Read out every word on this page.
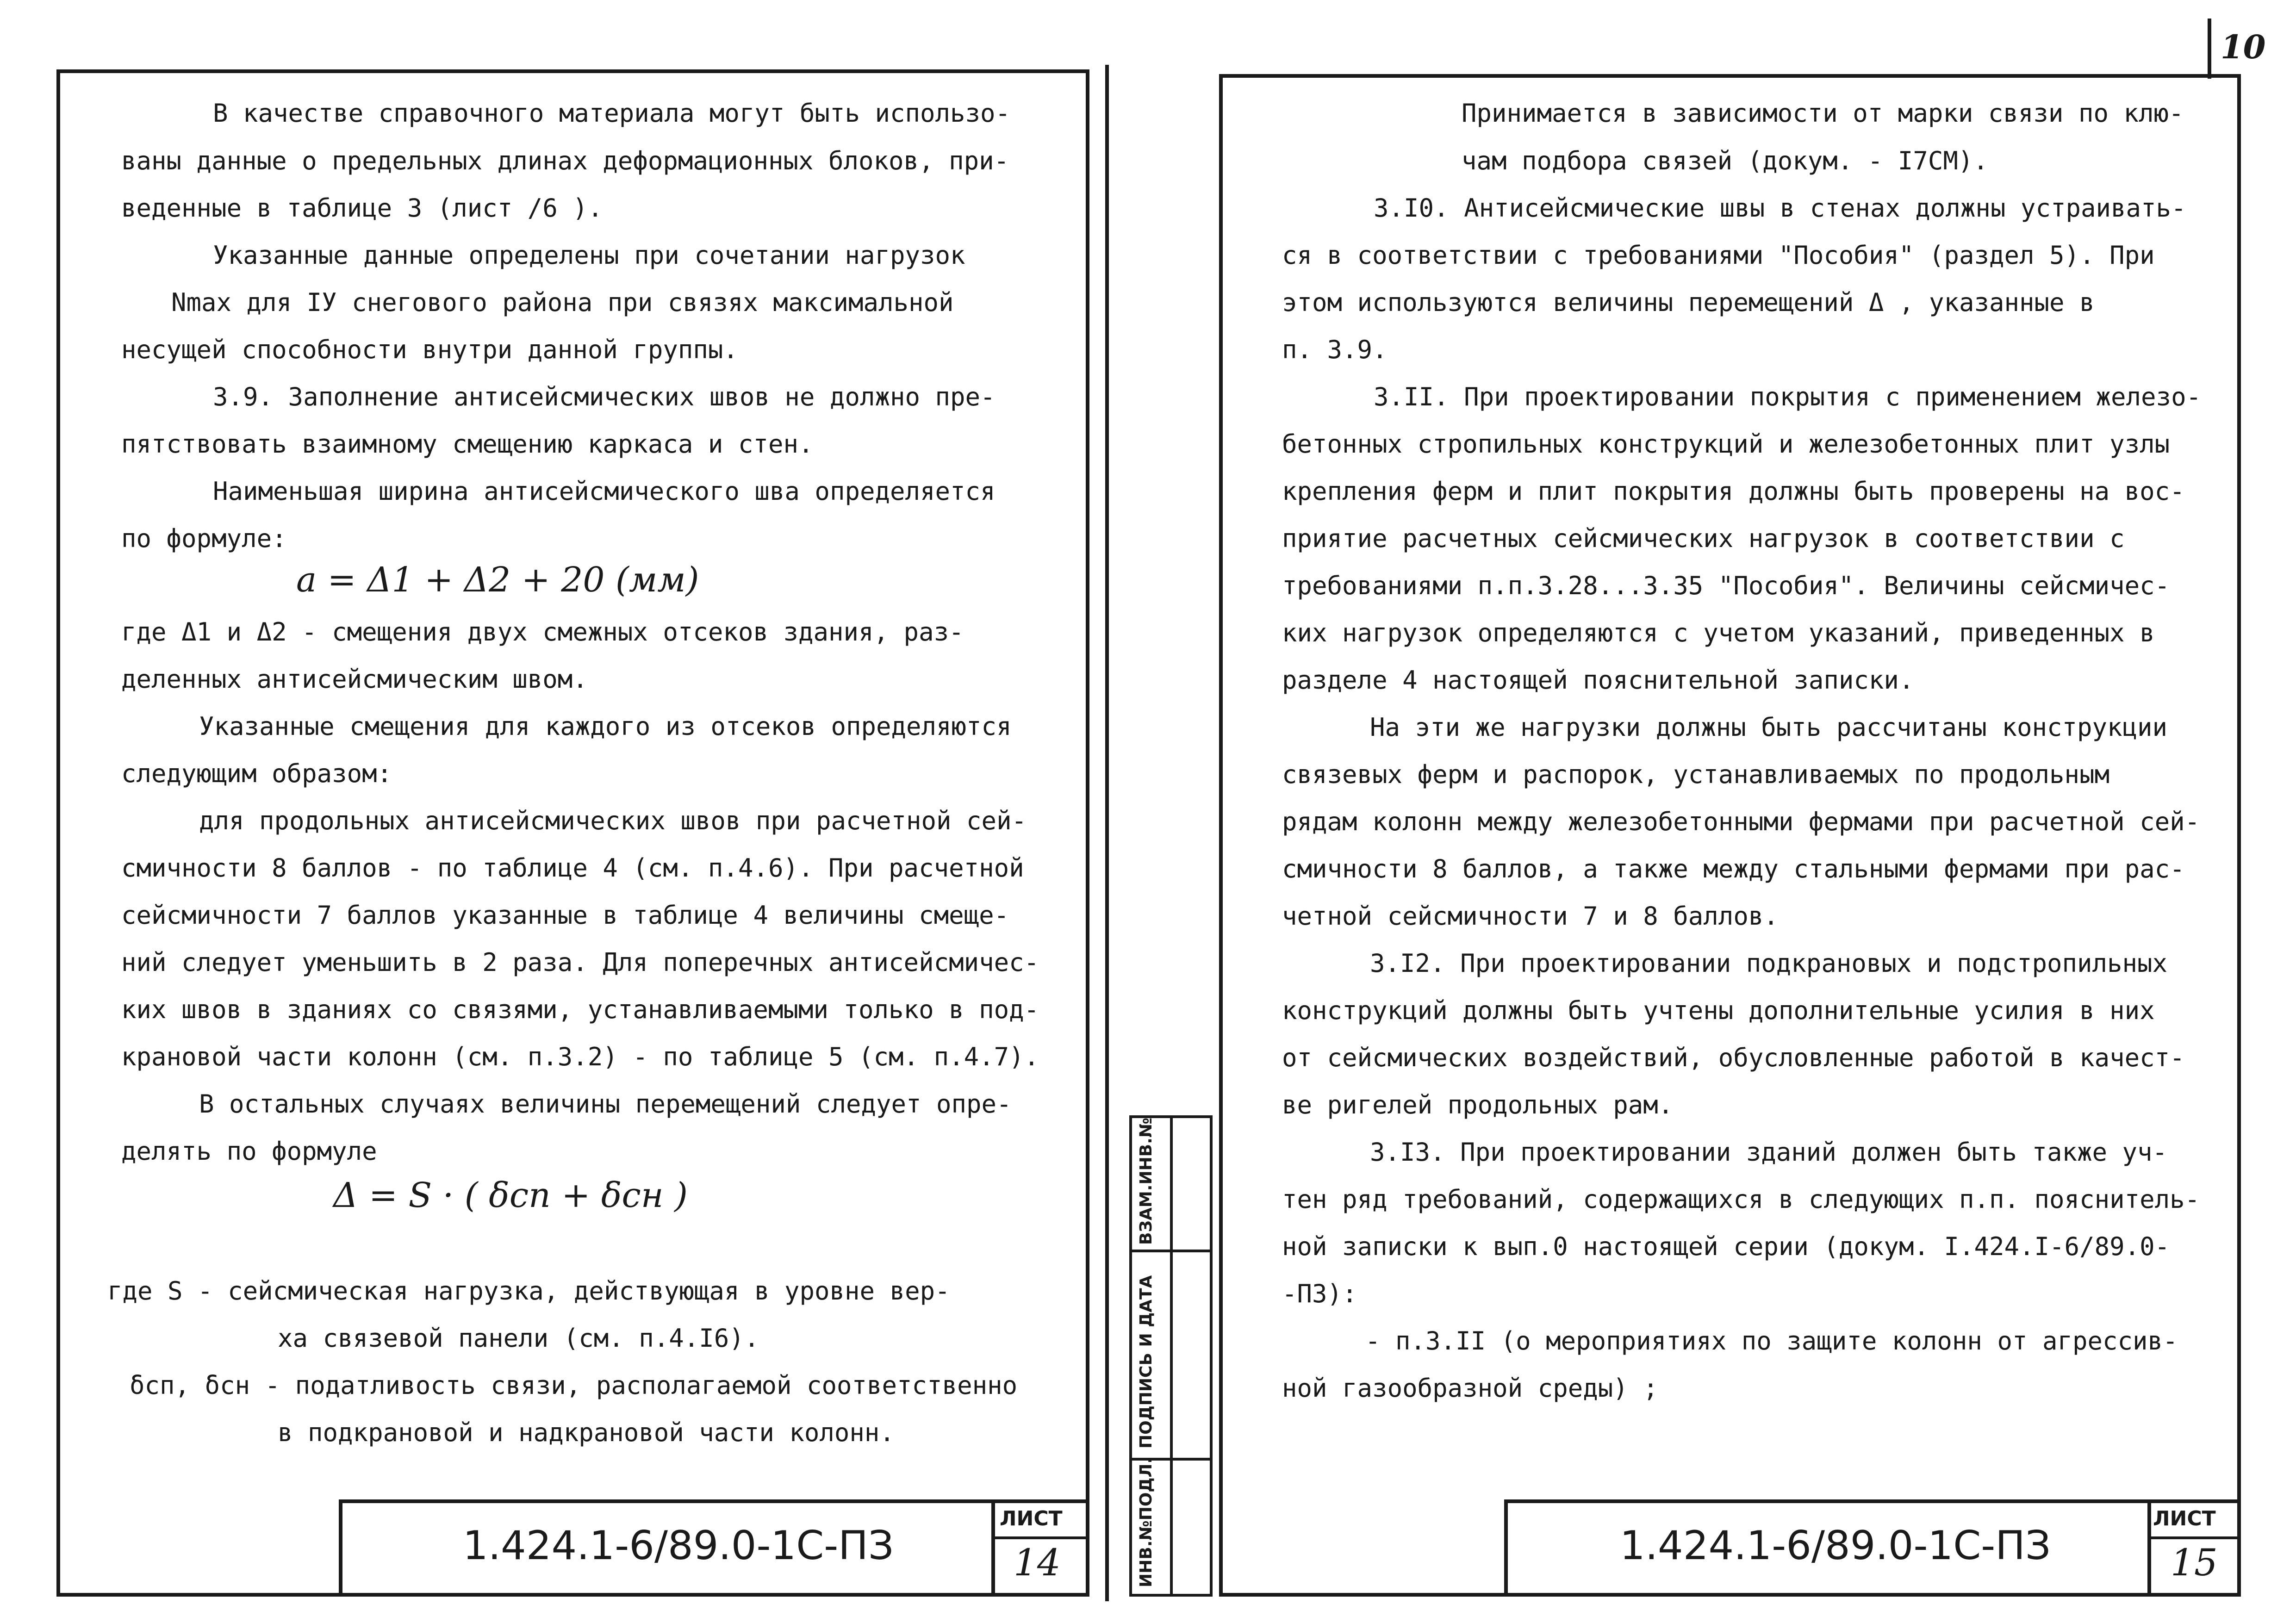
10
В качестве справочного материала могут быть использо-
ваны данные о предельных длинах деформационных блоков, при-
веденные в таблице 3 (лист /6 ).
Указанные данные определены при сочетании нагрузок
Nmax для IУ снегового района при связях максимальной
несущей способности внутри данной группы.
3.9. Заполнение антисейсмических швов не должно пре-
пятствовать взаимному смещению каркаса и стен.
Наименьшая ширина антисейсмического шва определяется
по формуле:
a = Δ1 + Δ2 + 20 (мм)
где Δ1 и Δ2 - смещения двух смежных отсеков здания, раз-
деленных антисейсмическим швом.
Указанные смещения для каждого из отсеков определяются
следующим образом:
для продольных антисейсмических швов при расчетной сей-
смичности 8 баллов - по таблице 4 (см. п.4.6). При расчетной
сейсмичности 7 баллов указанные в таблице 4 величины смеще-
ний следует уменьшить в 2 раза. Для поперечных антисейсмичес-
ких швов в зданиях со связями, устанавливаемыми только в под-
крановой части колонн (см. п.3.2) - по таблице 5 (см. п.4.7).
В остальных случаях величины перемещений следует опре-
делять по формуле
Δ = S · ( δcп + δcн )
где S - сейсмическая нагрузка, действующая в уровне вер-
ха связевой панели (см. п.4.I6).
δcп, δcн - податливость связи, располагаемой соответственно
в подкрановой и надкрановой части колонн.
1.424.1-6/89.0-1С-ПЗ
ЛИСТ
14
Принимается в зависимости от марки связи по клю-
чам подбора связей (докум. - I7СМ).
3.I0. Антисейсмические швы в стенах должны устраивать-
ся в соответствии с требованиями "Пособия" (раздел 5). При
этом используются величины перемещений Δ , указанные в
п. 3.9.
3.II. При проектировании покрытия с применением железо-
бетонных стропильных конструкций и железобетонных плит узлы
крепления ферм и плит покрытия должны быть проверены на вос-
приятие расчетных сейсмических нагрузок в соответствии с
требованиями п.п.3.28...3.35 "Пособия". Величины сейсмичес-
ких нагрузок определяются с учетом указаний, приведенных в
разделе 4 настоящей пояснительной записки.
На эти же нагрузки должны быть рассчитаны конструкции
связевых ферм и распорок, устанавливаемых по продольным
рядам колонн между железобетонными фермами при расчетной сей-
смичности 8 баллов, а также между стальными фермами при рас-
четной сейсмичности 7 и 8 баллов.
3.I2. При проектировании подкрановых и подстропильных
конструкций должны быть учтены дополнительные усилия в них
от сейсмических воздействий, обусловленные работой в качест-
ве ригелей продольных рам.
3.I3. При проектировании зданий должен быть также уч-
тен ряд требований, содержащихся в следующих п.п. пояснитель-
ной записки к вып.0 настоящей серии (докум. I.424.I-6/89.0-
-ПЗ):
- п.3.II (о мероприятиях по защите колонн от агрессив-
ной газообразной среды) ;
ИНВ.№ПОДЛ.
ПОДПИСЬ И ДАТА
ВЗАМ.ИНВ.№
1.424.1-6/89.0-1С-ПЗ
ЛИСТ
15
